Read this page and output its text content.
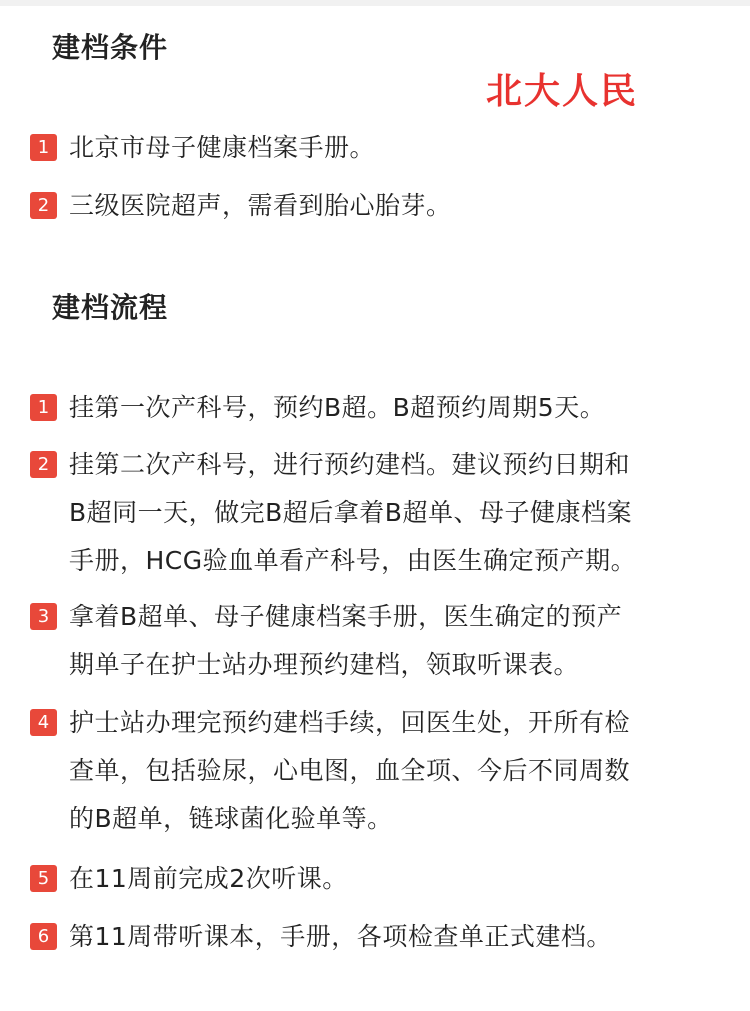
建档条件
北大人民
1 北京市母子健康档案手册。
2 三级医院超声，需看到胎心胎芽。
建档流程
1 挂第一次产科号，预约B超。B超预约周期5天。
2 挂第二次产科号，进行预约建档。建议预约日期和
B超同一天，做完B超后拿着B超单、母子健康档案
手册，HCG验血单看产科号，由医生确定预产期。
3 拿着B超单、母子健康档案手册，医生确定的预产
期单子在护士站办理预约建档，领取听课表。
4 护士站办理完预约建档手续，回医生处，开所有检
查单，包括验尿，心电图，血全项、今后不同周数
的B超单，链球菌化验单等。
5 在11周前完成2次听课。
6 第11周带听课本，手册，各项检查单正式建档。
